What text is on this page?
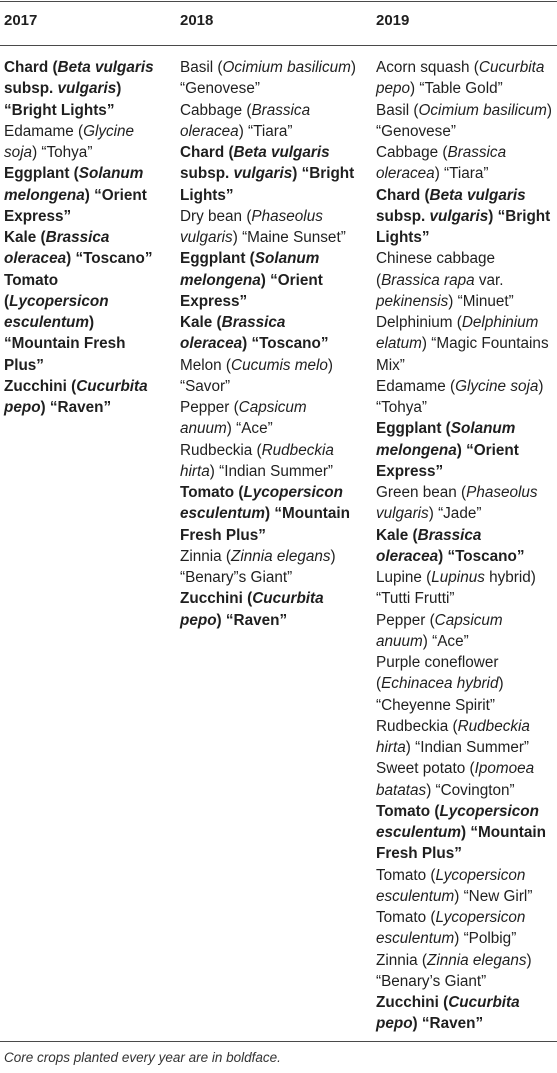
2017	2018	2019
Chard (Beta vulgaris
subsp. vulgaris)
“Bright Lights”
Edamame (Glycine
soja) “Tohya”
Eggplant (Solanum
melongena) “Orient
Express”
Kale (Brassica
oleracea) “Toscano”
Tomato
(Lycopersicon
esculentum)
“Mountain Fresh
Plus”
Zucchini (Cucurbita
pepo) “Raven”
Basil (Ocimium basilicum)
“Genovese”
Cabbage (Brassica
oleracea) “Tiara”
Chard (Beta vulgaris
subsp. vulgaris) “Bright
Lights”
Dry bean (Phaseolus
vulgaris) “Maine Sunset”
Eggplant (Solanum
melongena) “Orient
Express”
Kale (Brassica
oleracea) “Toscano”
Melon (Cucumis melo)
“Savor”
Pepper (Capsicum
anuum) “Ace”
Rudbeckia (Rudbeckia
hirta) “Indian Summer”
Tomato (Lycopersicon
esculentum) “Mountain
Fresh Plus”
Zinnia (Zinnia elegans)
“Benary”s Giant”
Zucchini (Cucurbita
pepo) “Raven”
Acorn squash (Cucurbita
pepo) “Table Gold”
Basil (Ocimium basilicum)
“Genovese”
Cabbage (Brassica
oleracea) “Tiara”
Chard (Beta vulgaris
subsp. vulgaris) “Bright
Lights”
Chinese cabbage
(Brassica rapa var.
pekinensis) “Minuet”
Delphinium (Delphinium
elatum) “Magic Fountains
Mix”
Edamame (Glycine soja)
“Tohya”
Eggplant (Solanum
melongena) “Orient
Express”
Green bean (Phaseolus
vulgaris) “Jade”
Kale (Brassica
oleracea) “Toscano”
Lupine (Lupinus hybrid)
“Tutti Frutti”
Pepper (Capsicum
anuum) “Ace”
Purple coneflower
(Echinacea hybrid)
“Cheyenne Spirit”
Rudbeckia (Rudbeckia
hirta) “Indian Summer”
Sweet potato (Ipomoea
batatas) “Covington”
Tomato (Lycopersicon
esculentum) “Mountain
Fresh Plus”
Tomato (Lycopersicon
esculentum) “New Girl”
Tomato (Lycopersicon
esculentum) “Polbig”
Zinnia (Zinnia elegans)
“Benary’s Giant”
Zucchini (Cucurbita
pepo) “Raven”
Core crops planted every year are in boldface.
